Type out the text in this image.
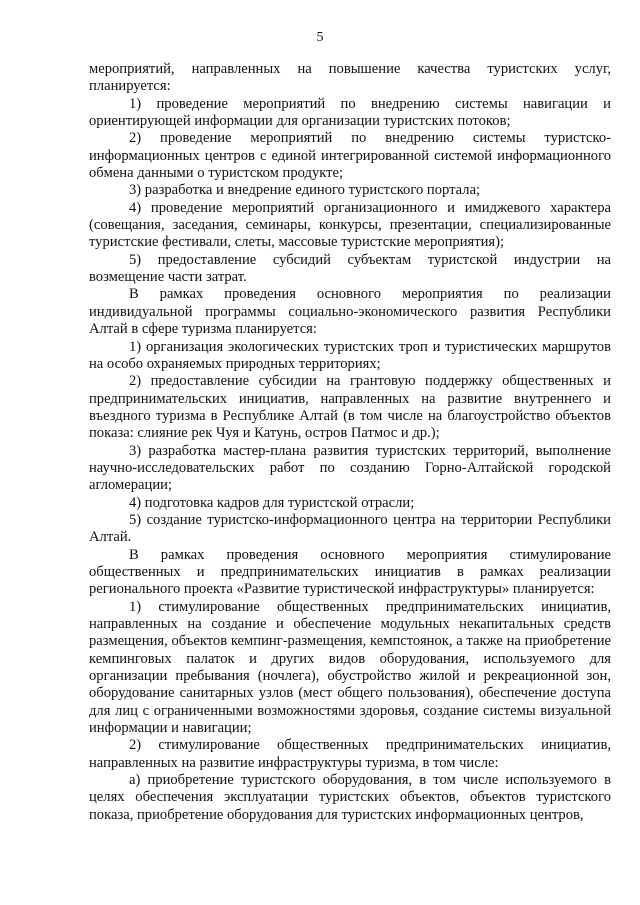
5

мероприятий, направленных на повышение качества туристских услуг, планируется:

1) проведение мероприятий по внедрению системы навигации и ориентирующей информации для организации туристских потоков;

2) проведение мероприятий по внедрению системы туристско-информационных центров с единой интегрированной системой информационного обмена данными о туристском продукте;

3) разработка и внедрение единого туристского портала;

4) проведение мероприятий организационного и имиджевого характера (совещания, заседания, семинары, конкурсы, презентации, специализированные туристские фестивали, слеты, массовые туристские мероприятия);

5) предоставление субсидий субъектам туристской индустрии на возмещение части затрат.

В рамках проведения основного мероприятия по реализации индивидуальной программы социально-экономического развития Республики Алтай в сфере туризма планируется:

1) организация экологических туристских троп и туристических маршрутов на особо охраняемых природных территориях;

2) предоставление субсидии на грантовую поддержку общественных и предпринимательских инициатив, направленных на развитие внутреннего и въездного туризма в Республике Алтай (в том числе на благоустройство объектов показа: слияние рек Чуя и Катунь, остров Патмос и др.);

3) разработка мастер-плана развития туристских территорий, выполнение научно-исследовательских работ по созданию Горно-Алтайской городской агломерации;

4) подготовка кадров для туристской отрасли;

5) создание туристско-информационного центра на территории Республики Алтай.

В рамках проведения основного мероприятия стимулирование общественных и предпринимательских инициатив в рамках реализации регионального проекта «Развитие туристической инфраструктуры» планируется:

1) стимулирование общественных предпринимательских инициатив, направленных на создание и обеспечение модульных некапитальных средств размещения, объектов кемпинг-размещения, кемпстоянок, а также на приобретение кемпинговых палаток и других видов оборудования, используемого для организации пребывания (ночлега), обустройство жилой и рекреационной зон, оборудование санитарных узлов (мест общего пользования), обеспечение доступа для лиц с ограниченными возможностями здоровья, создание системы визуальной информации и навигации;

2) стимулирование общественных предпринимательских инициатив, направленных на развитие инфраструктуры туризма, в том числе:

а) приобретение туристского оборудования, в том числе используемого в целях обеспечения эксплуатации туристских объектов, объектов туристского показа, приобретение оборудования для туристских информационных центров,
